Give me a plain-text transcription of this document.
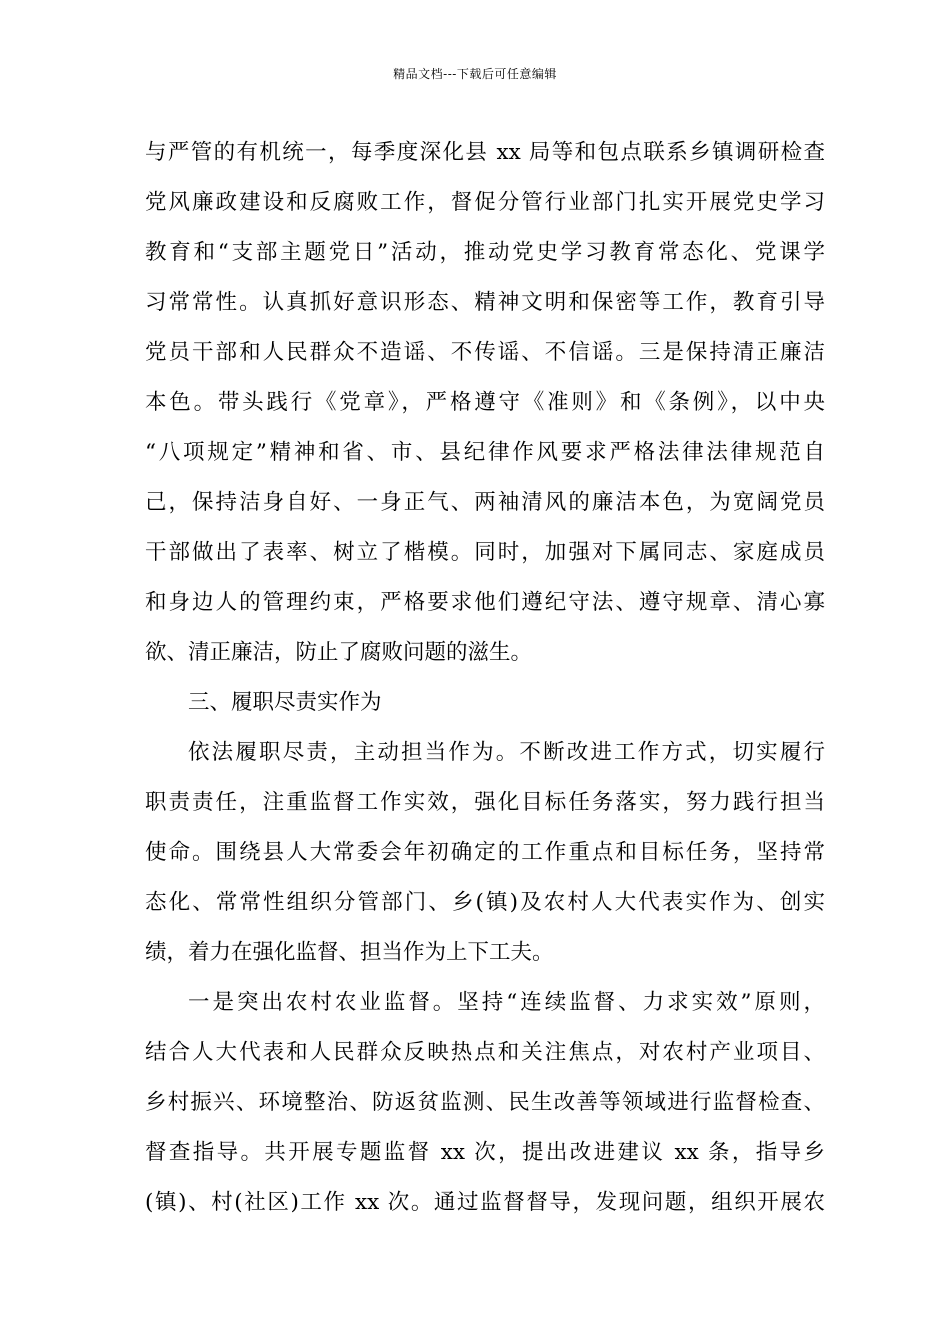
精品文档---下载后可任意编辑
与严管的有机统一，每季度深化县 xx 局等和包点联系乡镇调研检查
党风廉政建设和反腐败工作，督促分管行业部门扎实开展党史学习
教育和“支部主题党日”活动，推动党史学习教育常态化、党课学
习常常性。认真抓好意识形态、精神文明和保密等工作，教育引导
党员干部和人民群众不造谣、不传谣、不信谣。三是保持清正廉洁
本色。带头践行《党章》，严格遵守《准则》和《条例》，以中央
“八项规定”精神和省、市、县纪律作风要求严格法律法律规范自
己，保持洁身自好、一身正气、两袖清风的廉洁本色，为宽阔党员
干部做出了表率、树立了楷模。同时，加强对下属同志、家庭成员
和身边人的管理约束，严格要求他们遵纪守法、遵守规章、清心寡
欲、清正廉洁，防止了腐败问题的滋生。
三、履职尽责实作为
依法履职尽责，主动担当作为。不断改进工作方式，切实履行
职责责任，注重监督工作实效，强化目标任务落实，努力践行担当
使命。围绕县人大常委会年初确定的工作重点和目标任务，坚持常
态化、常常性组织分管部门、乡(镇)及农村人大代表实作为、创实
绩，着力在强化监督、担当作为上下工夫。
一是突出农村农业监督。坚持“连续监督、力求实效”原则，
结合人大代表和人民群众反映热点和关注焦点，对农村产业项目、
乡村振兴、环境整治、防返贫监测、民生改善等领域进行监督检查、
督查指导。共开展专题监督 xx 次，提出改进建议 xx 条，指导乡
(镇)、村(社区)工作 xx 次。通过监督督导，发现问题，组织开展农
